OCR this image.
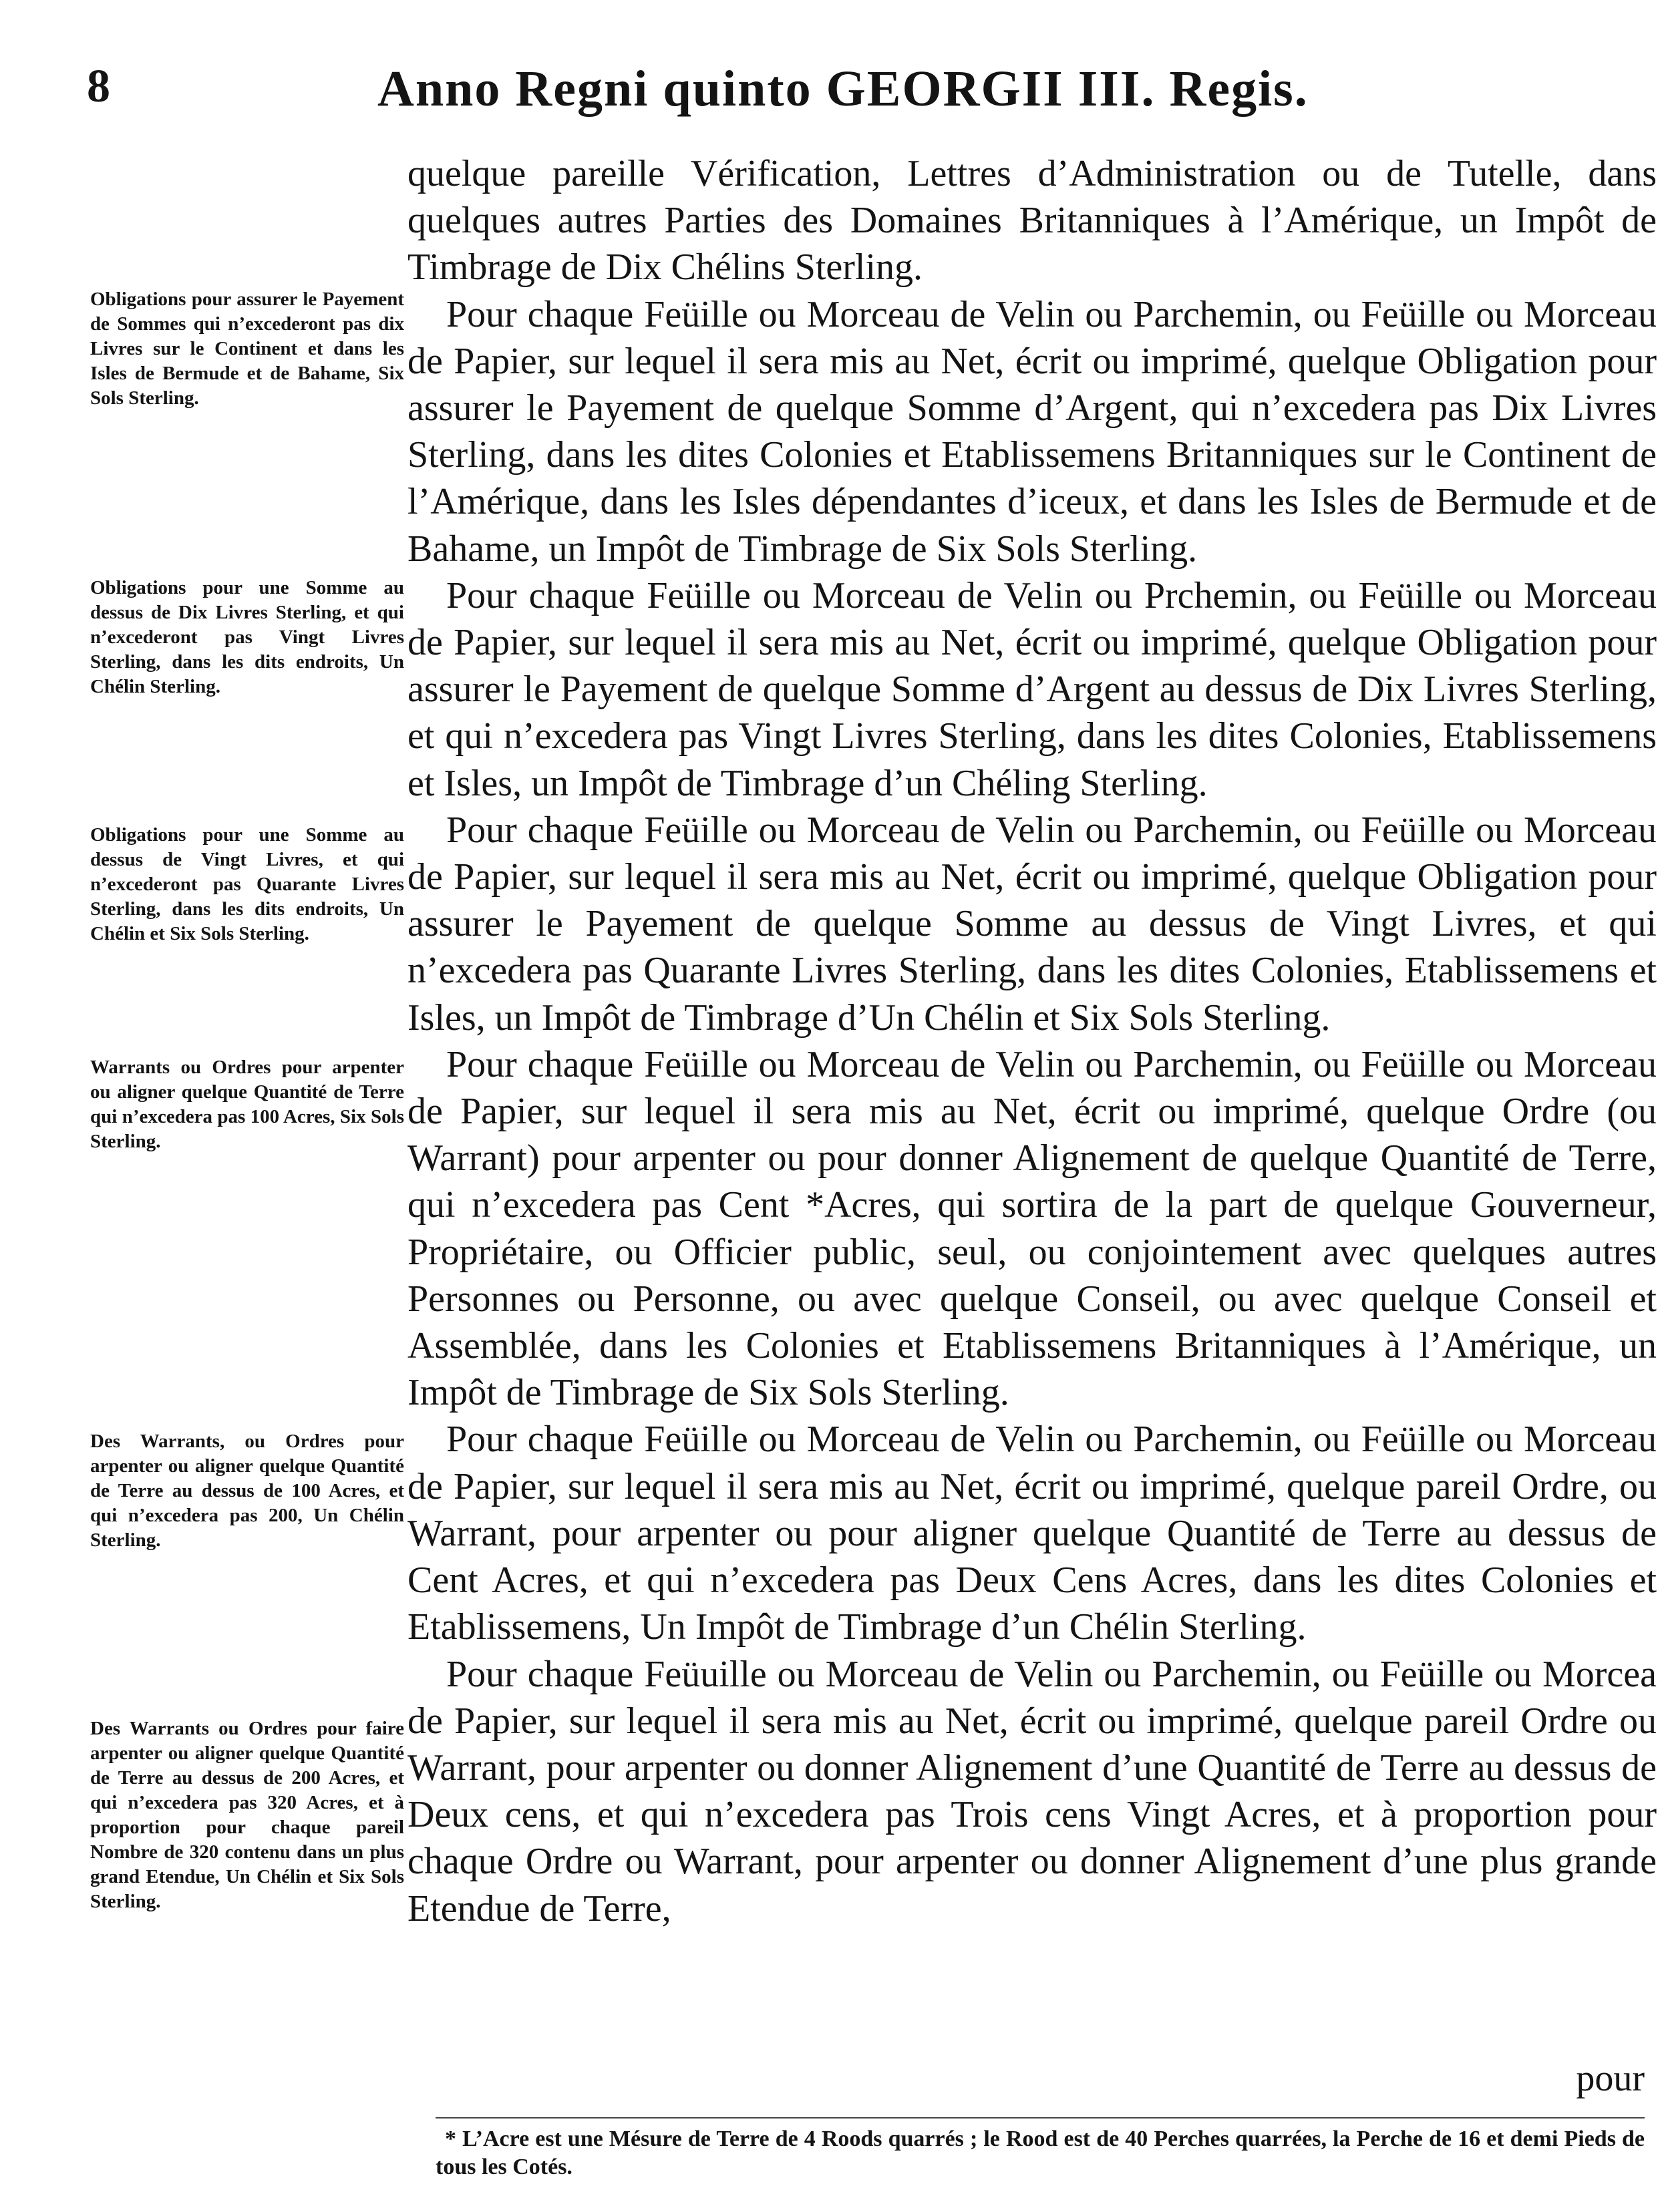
8	Anno Regni quinto GEORGII III. Regis.

quelque pareille Vérification, Lettres d’Administration ou de Tutelle, dans quelques autres Parties des Domaines Britanniques à l’Amérique, un Impôt de Timbrage de Dix Chélins Sterling.

Pour chaque Feüille ou Morceau de Velin ou Parchemin, ou Feüille ou Morceau de Papier, sur lequel il sera mis au Net, écrit ou imprimé, quelque Obligation pour assurer le Payement de quelque Somme d’Argent, qui n’excedera pas Dix Livres Sterling, dans les dites Colonies et Etablissemens Britanniques sur le Continent de l’Amérique, dans les Isles dépendantes d’iceux, et dans les Isles de Bermude et de Bahame, un Impôt de Timbrage de Six Sols Sterling.

Pour chaque Feüille ou Morceau de Velin ou Prchemin, ou Feüille ou Morceau de Papier, sur lequel il sera mis au Net, écrit ou imprimé, quelque Obligation pour assurer le Payement de quelque Somme d’Argent au dessus de Dix Livres Sterling, et qui n’excedera pas Vingt Livres Sterling, dans les dites Colonies, Etablissemens et Isles, un Impôt de Timbrage d’un Chéling Sterling.

Pour chaque Feüille ou Morceau de Velin ou Parchemin, ou Feüille ou Morceau de Papier, sur lequel il sera mis au Net, écrit ou imprimé, quelque Obligation pour assurer le Payement de quelque Somme au dessus de Vingt Livres, et qui n’excedera pas Quarante Livres Sterling, dans les dites Colonies, Etablissemens et Isles, un Impôt de Timbrage d’Un Chélin et Six Sols Sterling.

Pour chaque Feüille ou Morceau de Velin ou Parchemin, ou Feüille ou Morceau de Papier, sur lequel il sera mis au Net, écrit ou imprimé, quelque Ordre (ou Warrant) pour arpenter ou pour donner Alignement de quelque Quantité de Terre, qui n’excedera pas Cent *Acres, qui sortira de la part de quelque Gouverneur, Propriétaire, ou Officier public, seul, ou conjointement avec quelques autres Personnes ou Personne, ou avec quelque Conseil, ou avec quelque Conseil et Assemblée, dans les Colonies et Etablissemens Britanniques à l’Amérique, un Impôt de Timbrage de Six Sols Sterling.

Pour chaque Feüille ou Morceau de Velin ou Parchemin, ou Feüille ou Morceau de Papier, sur lequel il sera mis au Net, écrit ou imprimé, quelque pareil Ordre, ou Warrant, pour arpenter ou pour aligner quelque Quantité de Terre au dessus de Cent Acres, et qui n’excedera pas Deux Cens Acres, dans les dites Colonies et Etablissemens, Un Impôt de Timbrage d’un Chélin Sterling.

Pour chaque Feüuille ou Morceau de Velin ou Parchemin, ou Feüille ou Morcea de Papier, sur lequel il sera mis au Net, écrit ou imprimé, quelque pareil Ordre ou Warrant, pour arpenter ou donner Alignement d’une Quantité de Terre au dessus de Deux cens, et qui n’excedera pas Trois cens Vingt Acres, et à proportion pour chaque Ordre ou Warrant, pour arpenter ou donner Alignement d’une plus grande Etendue de Terre,

Obligations pour assurer le Payement de Sommes qui n’excederont pas dix Livres sur le Continent et dans les Isles de Bermude et de Bahame, Six Sols Sterling.
Obligations pour une Somme au dessus de Dix Livres Sterling, et qui n’excederont pas Vingt Livres Sterling, dans les dits endroits, Un Chélin Sterling.
Obligations pour une Somme au dessus de Vingt Livres, et qui n’excederont pas Quarante Livres Sterling, dans les dits endroits, Un Chélin et Six Sols Sterling.
Warrants ou Ordres pour arpenter ou aligner quelque Quantité de Terre qui n’excedera pas 100 Acres, Six Sols Sterling.
Des Warrants, ou Ordres pour arpenter ou aligner quelque Quantité de Terre au dessus de 100 Acres, et qui n’excedera pas 200, Un Chélin Sterling.
Des Warrants ou Ordres pour faire arpenter ou aligner quelque Quantité de Terre au dessus de 200 Acres, et qui n’excedera pas 320 Acres, et à proportion pour chaque pareil Nombre de 320 contenu dans un plus grand Etendue, Un Chélin et Six Sols Sterling.
pour
* L’Acre est une Mésure de Terre de 4 Roods quarrés ; le Rood est de 40 Perches quarrées, la Perche de 16 et demi Pieds de tous les Cotés.
